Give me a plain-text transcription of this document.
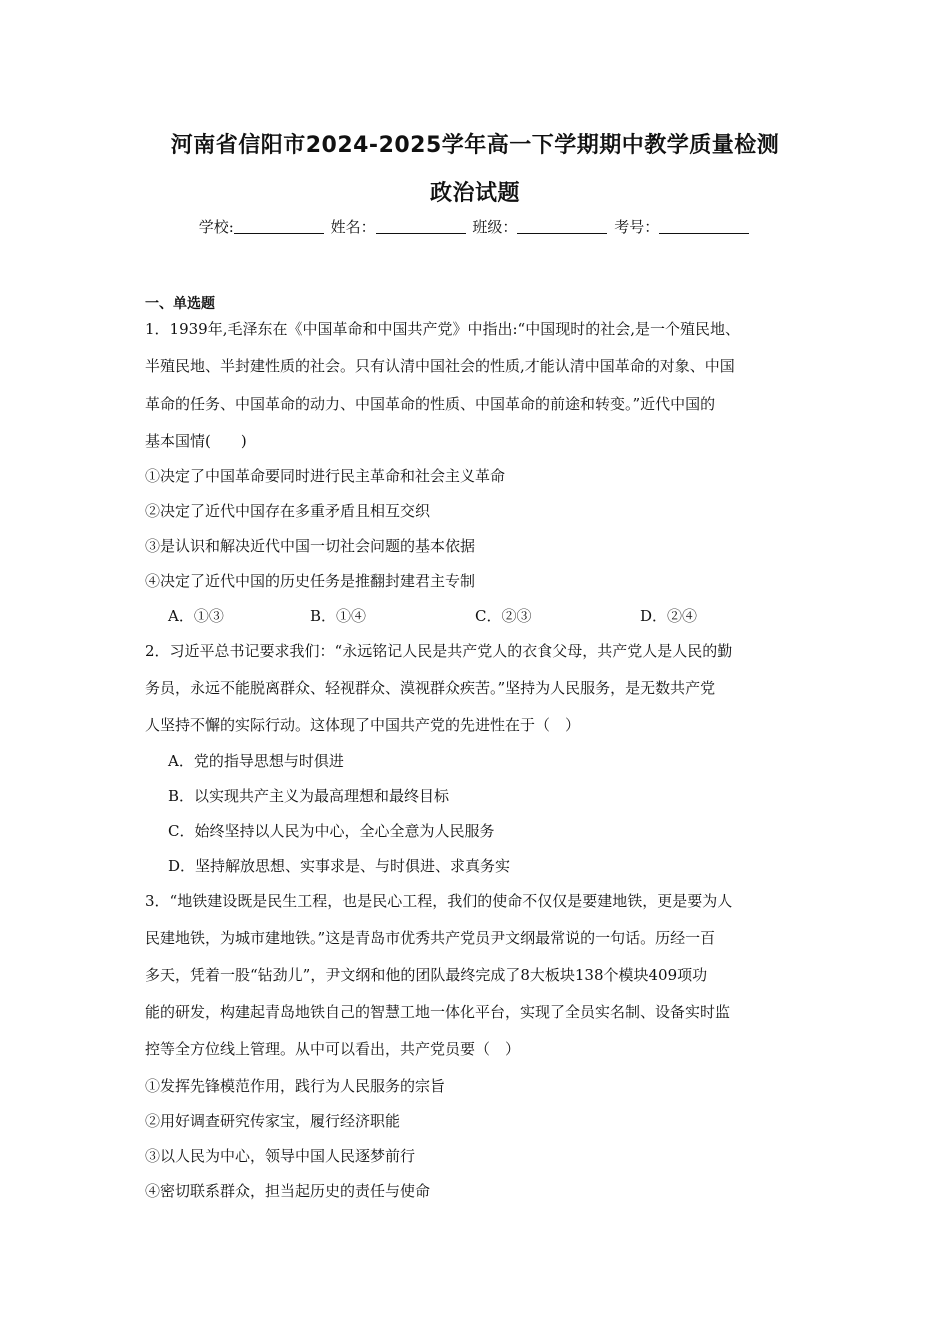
河南省信阳市2024-2025学年高一下学期期中教学质量检测
政治试题
学校:	姓名：	班级：	考号：
一、单选题
1．1939年,毛泽东在《中国革命和中国共产党》中指出:“中国现时的社会,是一个殖民地、
半殖民地、半封建性质的社会。只有认清中国社会的性质,才能认清中国革命的对象、中国
革命的任务、中国革命的动力、中国革命的性质、中国革命的前途和转变。”近代中国的
基本国情(　　)
①决定了中国革命要同时进行民主革命和社会主义革命
②决定了近代中国存在多重矛盾且相互交织
③是认识和解决近代中国一切社会问题的基本依据
④决定了近代中国的历史任务是推翻封建君主专制
A．①③	B．①④	C．②③	D．②④
2．习近平总书记要求我们：“永远铭记人民是共产党人的衣食父母，共产党人是人民的勤
务员，永远不能脱离群众、轻视群众、漠视群众疾苦。”坚持为人民服务，是无数共产党
人坚持不懈的实际行动。这体现了中国共产党的先进性在于（　）
A．党的指导思想与时俱进
B．以实现共产主义为最高理想和最终目标
C．始终坚持以人民为中心，全心全意为人民服务
D．坚持解放思想、实事求是、与时俱进、求真务实
3．“地铁建设既是民生工程，也是民心工程，我们的使命不仅仅是要建地铁，更是要为人
民建地铁，为城市建地铁。”这是青岛市优秀共产党员尹文纲最常说的一句话。历经一百
多天，凭着一股“钻劲儿”，尹文纲和他的团队最终完成了8大板块138个模块409项功
能的研发，构建起青岛地铁自己的智慧工地一体化平台，实现了全员实名制、设备实时监
控等全方位线上管理。从中可以看出，共产党员要（　）
①发挥先锋模范作用，践行为人民服务的宗旨
②用好调查研究传家宝，履行经济职能
③以人民为中心，领导中国人民逐梦前行
④密切联系群众，担当起历史的责任与使命
